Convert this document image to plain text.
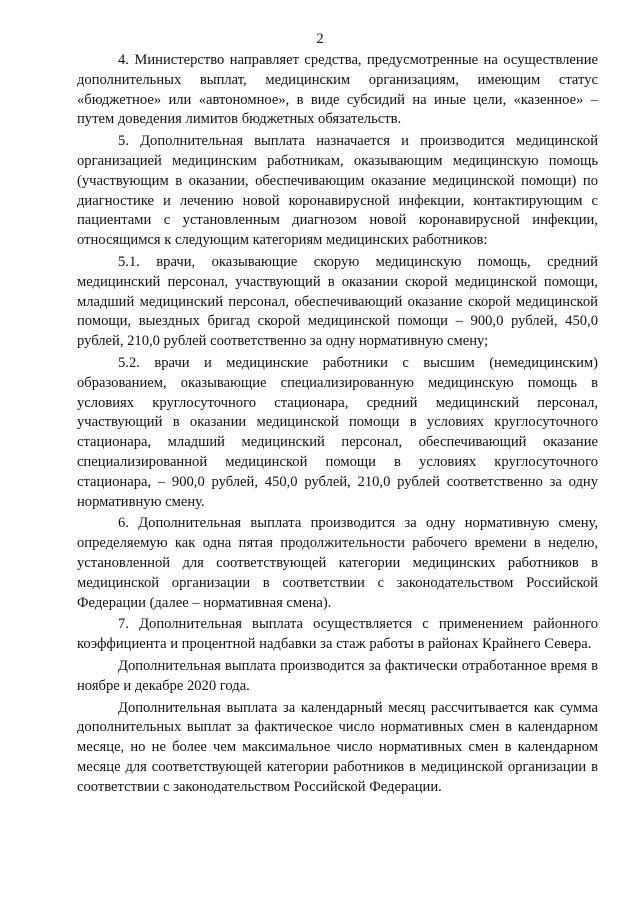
2

4. Министерство направляет средства, предусмотренные на осуществление дополнительных выплат, медицинским организациям, имеющим статус «бюджетное» или «автономное», в виде субсидий на иные цели, «казенное» – путем доведения лимитов бюджетных обязательств.

5. Дополнительная выплата назначается и производится медицинской организацией медицинским работникам, оказывающим медицинскую помощь (участвующим в оказании, обеспечивающим оказание медицинской помощи) по диагностике и лечению новой коронавирусной инфекции, контактирующим с пациентами с установленным диагнозом новой коронавирусной инфекции, относящимся к следующим категориям медицинских работников:

5.1. врачи, оказывающие скорую медицинскую помощь, средний медицинский персонал, участвующий в оказании скорой медицинской помощи, младший медицинский персонал, обеспечивающий оказание скорой медицинской помощи, выездных бригад скорой медицинской помощи – 900,0 рублей, 450,0 рублей, 210,0 рублей соответственно за одну нормативную смену;

5.2. врачи и медицинские работники с высшим (немедицинским) образованием, оказывающие специализированную медицинскую помощь в условиях круглосуточного стационара, средний медицинский персонал, участвующий в оказании медицинской помощи в условиях круглосуточного стационара, младший медицинский персонал, обеспечивающий оказание специализированной медицинской помощи в условиях круглосуточного стационара, – 900,0 рублей, 450,0 рублей, 210,0 рублей соответственно за одну нормативную смену.

6. Дополнительная выплата производится за одну нормативную смену, определяемую как одна пятая продолжительности рабочего времени в неделю, установленной для соответствующей категории медицинских работников в медицинской организации в соответствии с законодательством Российской Федерации (далее – нормативная смена).

7. Дополнительная выплата осуществляется с применением районного коэффициента и процентной надбавки за стаж работы в районах Крайнего Севера.

Дополнительная выплата производится за фактически отработанное время в ноябре и декабре 2020 года.

Дополнительная выплата за календарный месяц рассчитывается как сумма дополнительных выплат за фактическое число нормативных смен в календарном месяце, но не более чем максимальное число нормативных смен в календарном месяце для соответствующей категории работников в медицинской организации в соответствии с законодательством Российской Федерации.
